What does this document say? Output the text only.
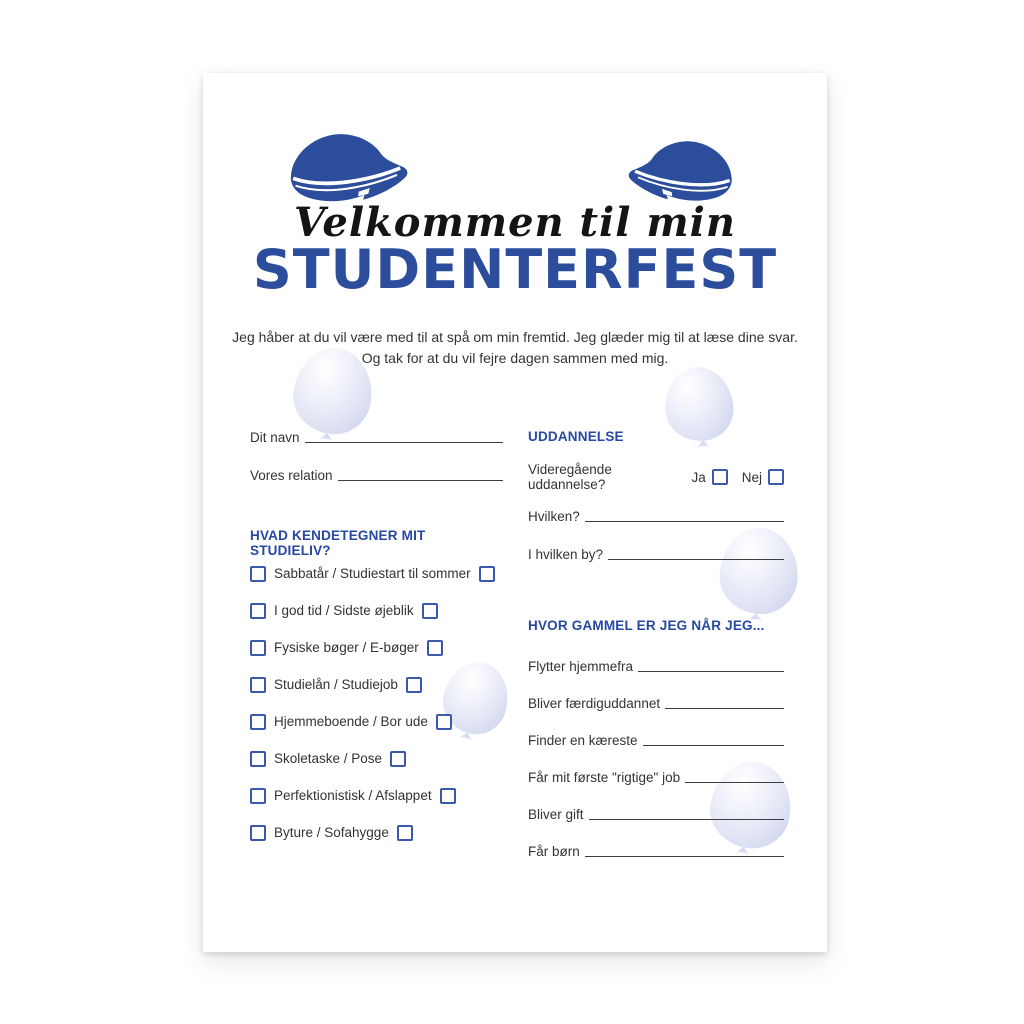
Velkommen til min
STUDENTERFEST
Jeg håber at du vil være med til at spå om min fremtid. Jeg glæder mig til at læse dine svar.
Og tak for at du vil fejre dagen sammen med mig.
Dit navn
Vores relation
HVAD KENDETEGNER MIT STUDIELIV?
Sabbatår / Studiestart til sommer
I god tid / Sidste øjeblik
Fysiske bøger / E-bøger
Studielån / Studiejob
Hjemmeboende / Bor ude
Skoletaske / Pose
Perfektionistisk / Afslappet
Byture / Sofahygge
UDDANNELSE
Videregående uddannelse?	Ja	Nej
Hvilken?
I hvilken by?
HVOR GAMMEL ER JEG NÅR JEG...
Flytter hjemmefra
Bliver færdiguddannet
Finder en kæreste
Får mit første "rigtige" job
Bliver gift
Får børn
